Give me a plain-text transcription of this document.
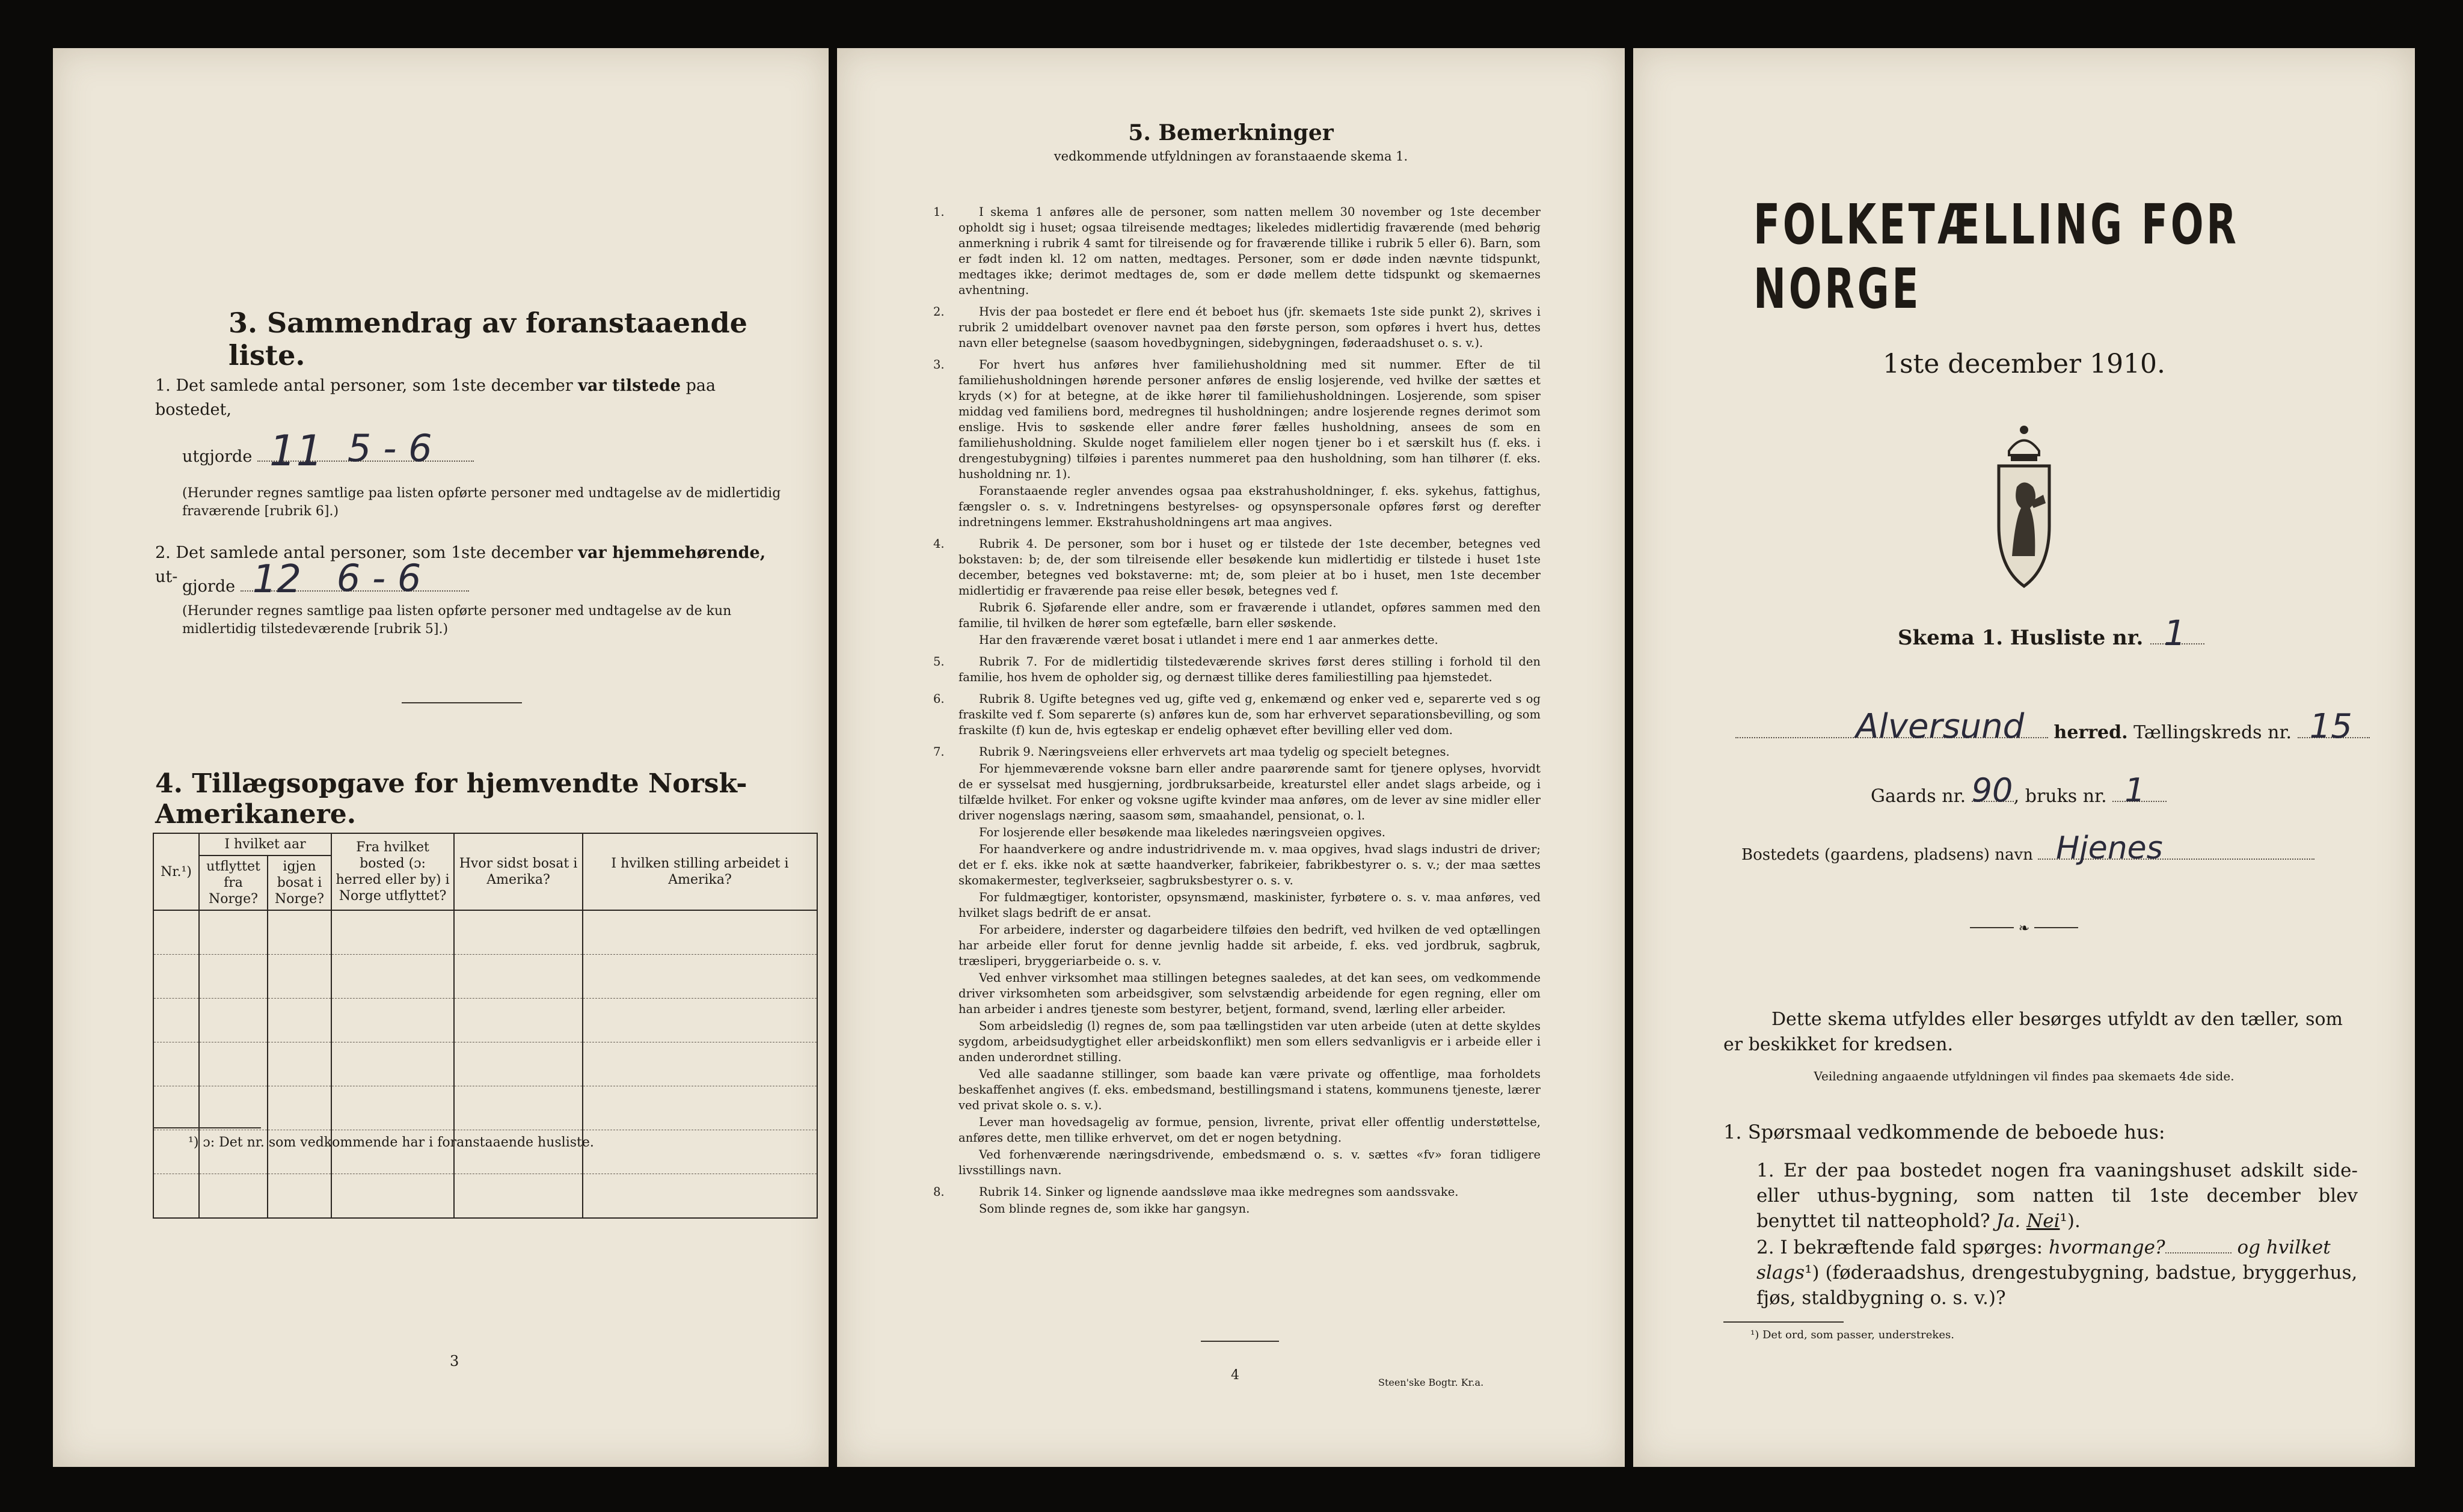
3. Sammendrag av foranstaaende liste.
1. Det samlede antal personer, som 1ste december var tilstede paa bostedet,
utgjorde 11 5 - 6
(Herunder regnes samtlige paa listen opførte personer med undtagelse av de midlertidig fraværende [rubrik 6].)
2. Det samlede antal personer, som 1ste december var hjemmehørende, ut-
gjorde 12 6 - 6
(Herunder regnes samtlige paa listen opførte personer med undtagelse av de kun midlertidig tilstedeværende [rubrik 5].)
4. Tillægsopgave for hjemvendte Norsk-Amerikanere.
Nr.¹)	I hvilket aar		Fra hvilket bosted (ɔ: herred eller by) i Norge utflyttet?	Hvor sidst bosat i Amerika?	I hvilken stilling arbeidet i Amerika?
	utflyttet fra Norge?	igjen bosat i Norge?			

¹) ɔ: Det nr. som vedkommende har i foranstaaende husliste.
3
5. Bemerkninger
vedkommende utfyldningen av foranstaaende skema 1.
1.	I skema 1 anføres alle de personer, som natten mellem 30 november og 1ste december opholdt sig i huset; ogsaa tilreisende medtages; likeledes midlertidig fraværende (med behørig anmerkning i rubrik 4 samt for tilreisende og for fraværende tillike i rubrik 5 eller 6). Barn, som er født inden kl. 12 om natten, medtages. Personer, som er døde inden nævnte tidspunkt, medtages ikke; derimot medtages de, som er døde mellem dette tidspunkt og skemaernes avhentning.

2.	Hvis der paa bostedet er flere end ét beboet hus (jfr. skemaets 1ste side punkt 2), skrives i rubrik 2 umiddelbart ovenover navnet paa den første person, som opføres i hvert hus, dettes navn eller betegnelse (saasom hovedbygningen, sidebygningen, føderaadshuset o. s. v.).

3.	For hvert hus anføres hver familiehusholdning med sit nummer. Efter de til familiehusholdningen hørende personer anføres de enslig losjerende, ved hvilke der sættes et kryds (×) for at betegne, at de ikke hører til familiehusholdningen. Losjerende, som spiser middag ved familiens bord, medregnes til husholdningen; andre losjerende regnes derimot som enslige. Hvis to søskende eller andre fører fælles husholdning, ansees de som en familiehusholdning. Skulde noget familielem eller nogen tjener bo i et særskilt hus (f. eks. i drengestubygning) tilføies i parentes nummeret paa den husholdning, som han tilhører (f. eks. husholdning nr. 1).

Foranstaaende regler anvendes ogsaa paa ekstrahusholdninger, f. eks. sykehus, fattighus, fængsler o. s. v. Indretningens bestyrelses- og opsynspersonale opføres først og derefter indretningens lemmer. Ekstrahusholdningens art maa angives.

4.	Rubrik 4. De personer, som bor i huset og er tilstede der 1ste december, betegnes ved bokstaven: b; de, der som tilreisende eller besøkende kun midlertidig er tilstede i huset 1ste december, betegnes ved bokstaverne: mt; de, som pleier at bo i huset, men 1ste december midlertidig er fraværende paa reise eller besøk, betegnes ved f.

Rubrik 6. Sjøfarende eller andre, som er fraværende i utlandet, opføres sammen med den familie, til hvilken de hører som egtefælle, barn eller søskende.

Har den fraværende været bosat i utlandet i mere end 1 aar anmerkes dette.

5.	Rubrik 7. For de midlertidig tilstedeværende skrives først deres stilling i forhold til den familie, hos hvem de opholder sig, og dernæst tillike deres familiestilling paa hjemstedet.

6.	Rubrik 8. Ugifte betegnes ved ug, gifte ved g, enkemænd og enker ved e, separerte ved s og fraskilte ved f. Som separerte (s) anføres kun de, som har erhvervet separationsbevilling, og som fraskilte (f) kun de, hvis egteskap er endelig ophævet efter bevilling eller ved dom.

7.	Rubrik 9. Næringsveiens eller erhvervets art maa tydelig og specielt betegnes.

For hjemmeværende voksne barn eller andre paarørende samt for tjenere oplyses, hvorvidt de er sysselsat med husgjerning, jordbruksarbeide, kreaturstel eller andet slags arbeide, og i tilfælde hvilket. For enker og voksne ugifte kvinder maa anføres, om de lever av sine midler eller driver nogenslags næring, saasom søm, smaahandel, pensionat, o. l.

For losjerende eller besøkende maa likeledes næringsveien opgives.

For haandverkere og andre industridrivende m. v. maa opgives, hvad slags industri de driver; det er f. eks. ikke nok at sætte haandverker, fabrikeier, fabrikbestyrer o. s. v.; der maa sættes skomakermester, teglverkseier, sagbruksbestyrer o. s. v.

For fuldmægtiger, kontorister, opsynsmænd, maskinister, fyrbøtere o. s. v. maa anføres, ved hvilket slags bedrift de er ansat.

For arbeidere, inderster og dagarbeidere tilføies den bedrift, ved hvilken de ved optællingen har arbeide eller forut for denne jevnlig hadde sit arbeide, f. eks. ved jordbruk, sagbruk, træsliperi, bryggeriarbeide o. s. v.

Ved enhver virksomhet maa stillingen betegnes saaledes, at det kan sees, om vedkommende driver virksomheten som arbeidsgiver, som selvstændig arbeidende for egen regning, eller om han arbeider i andres tjeneste som bestyrer, betjent, formand, svend, lærling eller arbeider.

Som arbeidsledig (l) regnes de, som paa tællingstiden var uten arbeide (uten at dette skyldes sygdom, arbeidsudygtighet eller arbeidskonflikt) men som ellers sedvanligvis er i arbeide eller i anden underordnet stilling.

Ved alle saadanne stillinger, som baade kan være private og offentlige, maa forholdets beskaffenhet angives (f. eks. embedsmand, bestillingsmand i statens, kommunens tjeneste, lærer ved privat skole o. s. v.).

Lever man hovedsagelig av formue, pension, livrente, privat eller offentlig understøttelse, anføres dette, men tillike erhvervet, om det er nogen betydning.

Ved forhenværende næringsdrivende, embedsmænd o. s. v. sættes «fv» foran tidligere livsstillings navn.

8.	Rubrik 14. Sinker og lignende aandssløve maa ikke medregnes som aandssvake.

Som blinde regnes de, som ikke har gangsyn.

4	Steen'ske Bogtr. Kr.a.
FOLKETÆLLING FOR NORGE
1ste december 1910.
Skema 1. Husliste nr. 1
Alversund herred. Tællingskreds nr. 15
Gaards nr. 90 , bruks nr. 1
Bostedets (gaardens, pladsens) navn Hjenes
❧
Dette skema utfyldes eller besørges utfyldt av den tæller, som er beskikket for kredsen.
Veiledning angaaende utfyldningen vil findes paa skemaets 4de side.
1. Spørsmaal vedkommende de beboede hus:
1. Er der paa bostedet nogen fra vaaningshuset adskilt side- eller uthus-bygning, som natten til 1ste december blev benyttet til natteophold? Ja. Nei¹).
2. I bekræftende fald spørges: hvormange?	og hvilket slags¹) (føderaadshus, drengestubygning, badstue, bryggerhus, fjøs, staldbygning o. s. v.)?
¹) Det ord, som passer, understrekes.
